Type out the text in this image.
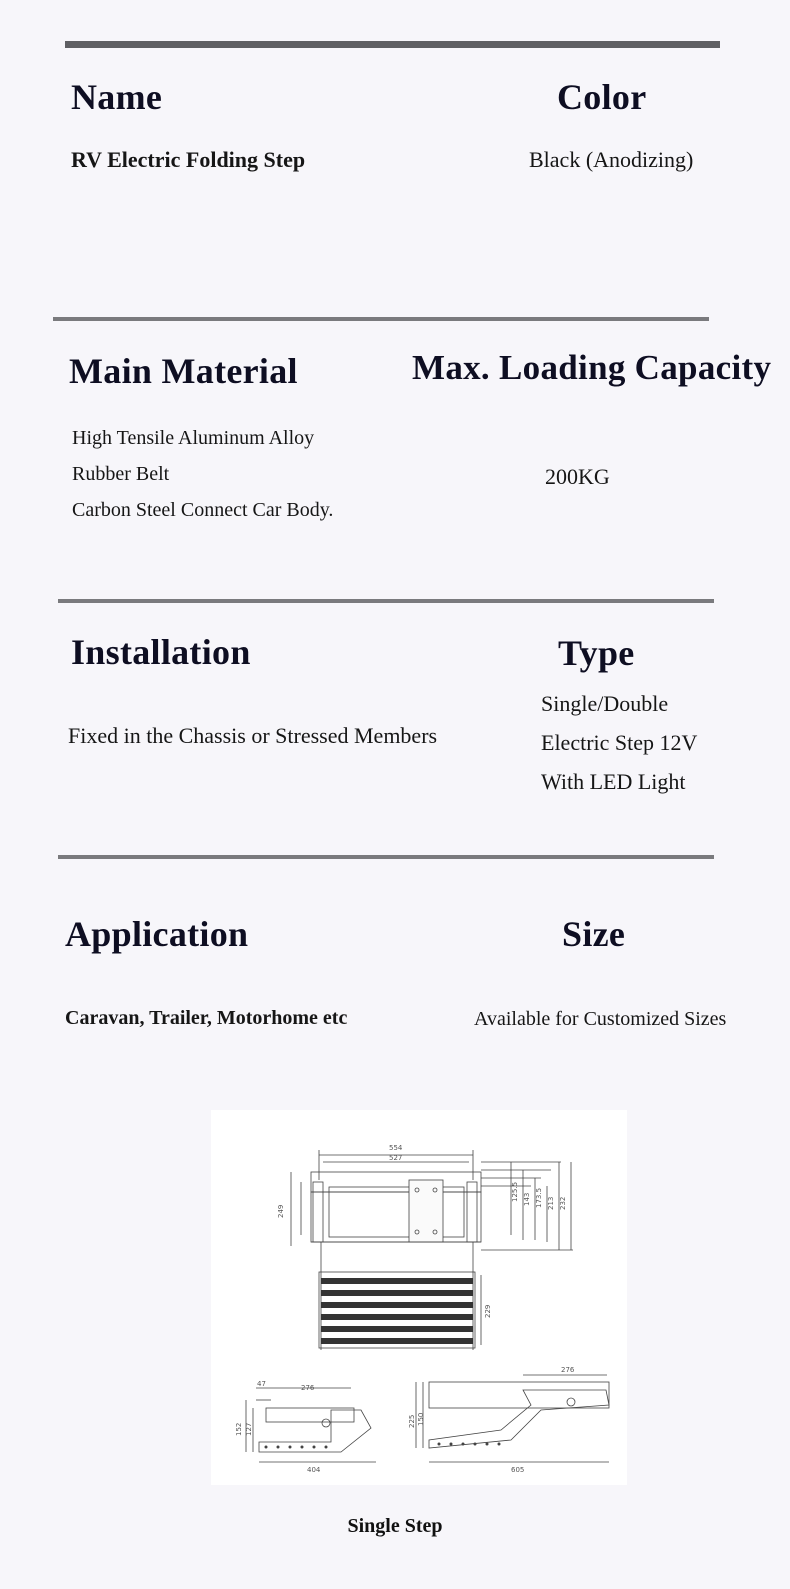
Name
RV Electric Folding Step
Color
Black (Anodizing)
Main Material
High Tensile Aluminum Alloy
Rubber Belt
Carbon Steel Connect Car Body.
Max. Loading Capacity
200KG
Installation
Fixed in the Chassis or Stressed Members
Type
Single/Double
Electric Step 12V
With LED Light
Application
Caravan, Trailer, Motorhome etc
Size
Available for Customized Sizes
554
527
249
229
125.5 143 173.5 213 232
47	276
127
152
404
276
225 150
605
Single Step
